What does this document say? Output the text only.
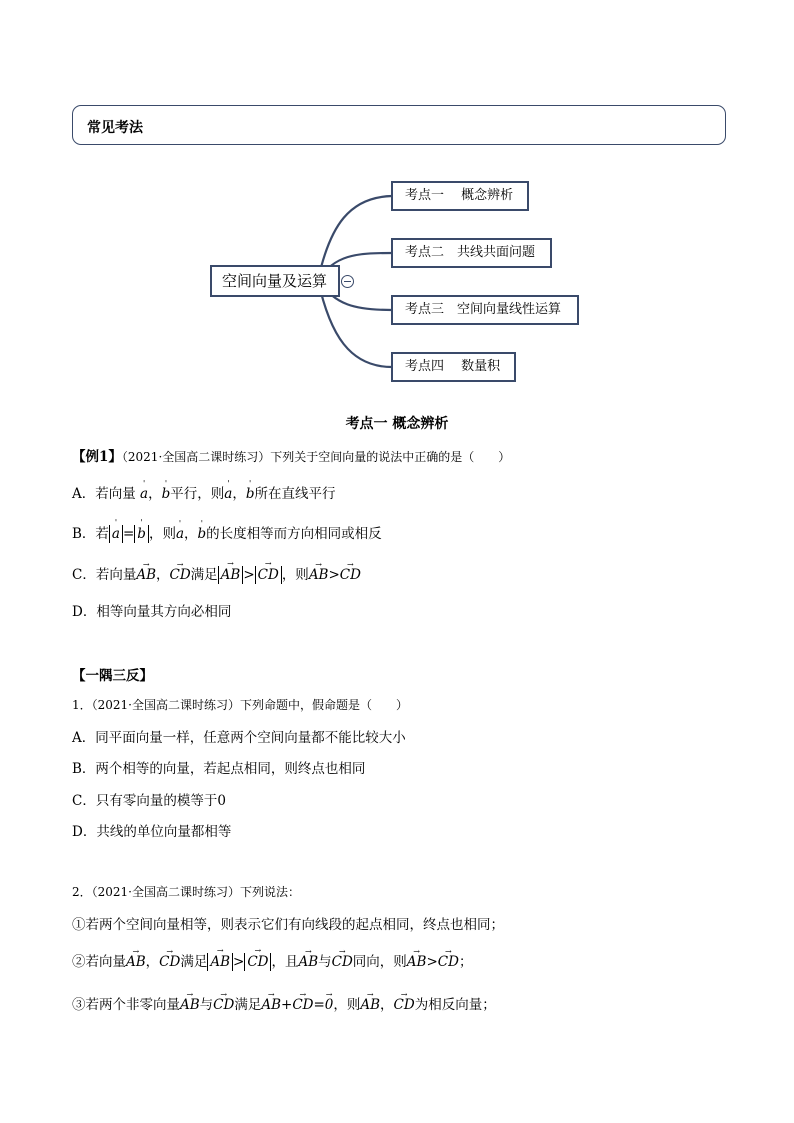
常见考法
空间向量及运算
考点一　 概念辨析
考点二　共线共面问题
考点三　空间向量线性运算
考点四　 数量积
考点一 概念辨析
【例1】（2021·全国高二课时练习）下列关于空间向量的说法中正确的是（　　）
A．若向量
'
a，
'
b平行，则
'
a，
'
b所在直线平行
B．若
'
a =
'
b ，则
'
a，
'
b的长度相等而方向相同或相反
C．若向量
→
AB，
→
CD满足
→
AB >
→
CD ，则
→
AB>
→
CD
D．相等向量其方向必相同
【一隅三反】
1．（2021·全国高二课时练习）下列命题中，假命题是（　　）
A．同平面向量一样，任意两个空间向量都不能比较大小
B．两个相等的向量，若起点相同，则终点也相同
C．只有零向量的模等于0
D．共线的单位向量都相等
2．（2021·全国高二课时练习）下列说法：
①若两个空间向量相等，则表示它们有向线段的起点相同，终点也相同；
②若向量
→
AB，
→
CD满足
→
AB >
→
CD ，且
→
AB与
→
CD同向，则
→
AB>
→
CD；
③若两个非零向量
→
AB与
→
CD满足
→
AB+
→
CD=
→
0，则
→
AB，
→
CD为相反向量；
